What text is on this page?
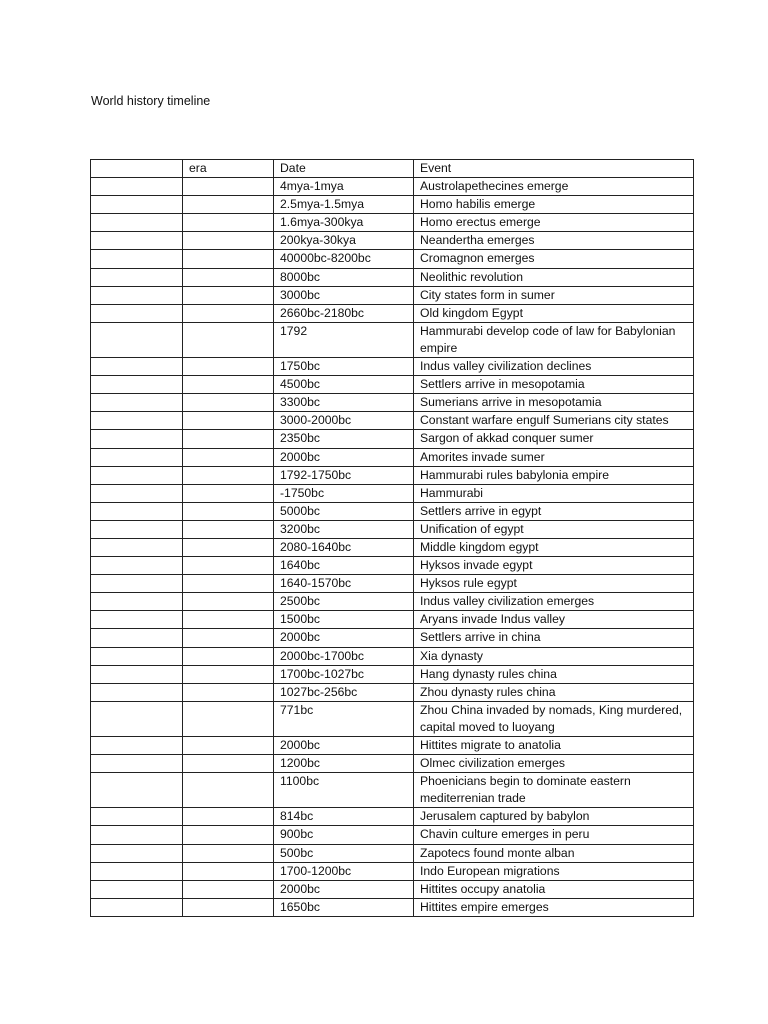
World history timeline
	era	Date	Event
		4mya-1mya	Austrolapethecines emerge
		2.5mya-1.5mya	Homo habilis emerge
		1.6mya-300kya	Homo erectus emerge
		200kya-30kya	Neandertha emerges
		40000bc-8200bc	Cromagnon emerges
		8000bc	Neolithic revolution
		3000bc	City states form in sumer
		2660bc-2180bc	Old kingdom Egypt
		1792	Hammurabi develop code of law for Babylonian empire
		1750bc	Indus valley civilization declines
		4500bc	Settlers arrive in mesopotamia
		3300bc	Sumerians arrive in mesopotamia
		3000-2000bc	Constant warfare engulf Sumerians city states
		2350bc	Sargon of akkad conquer sumer
		2000bc	Amorites invade sumer
		1792-1750bc	Hammurabi rules babylonia empire
		-1750bc	Hammurabi
		5000bc	Settlers arrive in egypt
		3200bc	Unification of egypt
		2080-1640bc	Middle kingdom egypt
		1640bc	Hyksos invade egypt
		1640-1570bc	Hyksos rule egypt
		2500bc	Indus valley civilization emerges
		1500bc	Aryans invade Indus valley
		2000bc	Settlers arrive in china
		2000bc-1700bc	Xia dynasty
		1700bc-1027bc	Hang dynasty rules china
		1027bc-256bc	Zhou dynasty rules china
		771bc	Zhou China invaded by nomads, King murdered, capital moved to luoyang
		2000bc	Hittites migrate to anatolia
		1200bc	Olmec civilization emerges
		1100bc	Phoenicians begin to dominate eastern mediterrenian trade
		814bc	Jerusalem captured by babylon
		900bc	Chavin culture emerges in peru
		500bc	Zapotecs found monte alban
		1700-1200bc	Indo European migrations
		2000bc	Hittites occupy anatolia
		1650bc	Hittites empire emerges
